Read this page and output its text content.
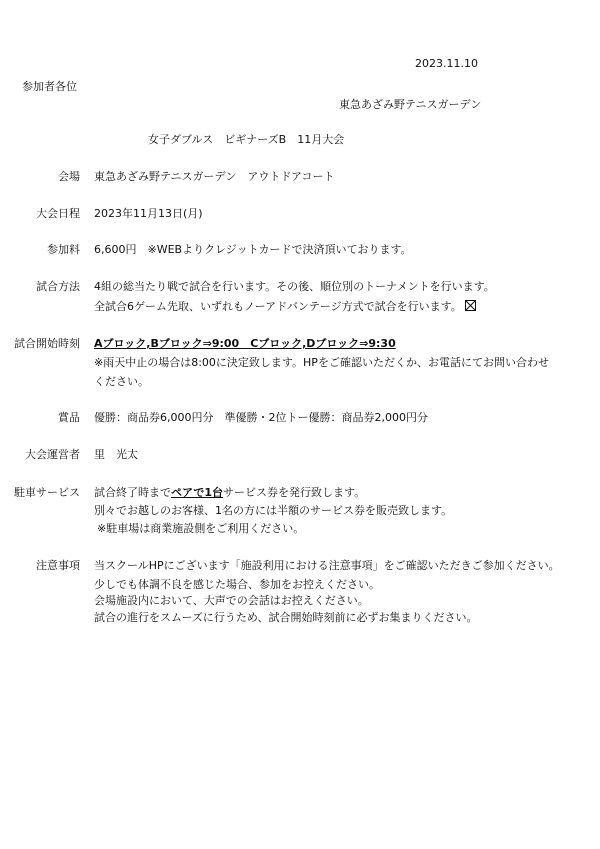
2023.11.10
参加者各位
東急あざみ野テニスガーデン
女子ダブルス　ビギナーズB　11月大会
会場 東急あざみ野テニスガーデン　アウトドアコート
大会日程 2023年11月13日(月)
参加料 6,600円　※WEBよりクレジットカードで決済頂いております。
試合方法 4組の総当たり戦で試合を行います。その後、順位別のトーナメントを行います。
全試合6ゲーム先取、いずれもノーアドバンテージ方式で試合を行います。
試合開始時刻 Aブロック,Bブロック⇒9:00　Cブロック,Dブロック⇒9:30
※雨天中止の場合は8:00に決定致します。HPをご確認いただくか、お電話にてお問い合わせ
ください。
賞品 優勝：商品券6,000円分　準優勝・2位トー優勝：商品券2,000円分
大会運営者 里　光太
駐車サービス 試合終了時までペアで1台サービス券を発行致します。
別々でお越しのお客様、1名の方には半額のサービス券を販売致します。
※駐車場は商業施設側をご利用ください。
注意事項 当スクールHPにございます「施設利用における注意事項」をご確認いただきご参加ください。
少しでも体調不良を感じた場合、参加をお控えください。
会場施設内において、大声での会話はお控えください。
試合の進行をスムーズに行うため、試合開始時刻前に必ずお集まりください。
